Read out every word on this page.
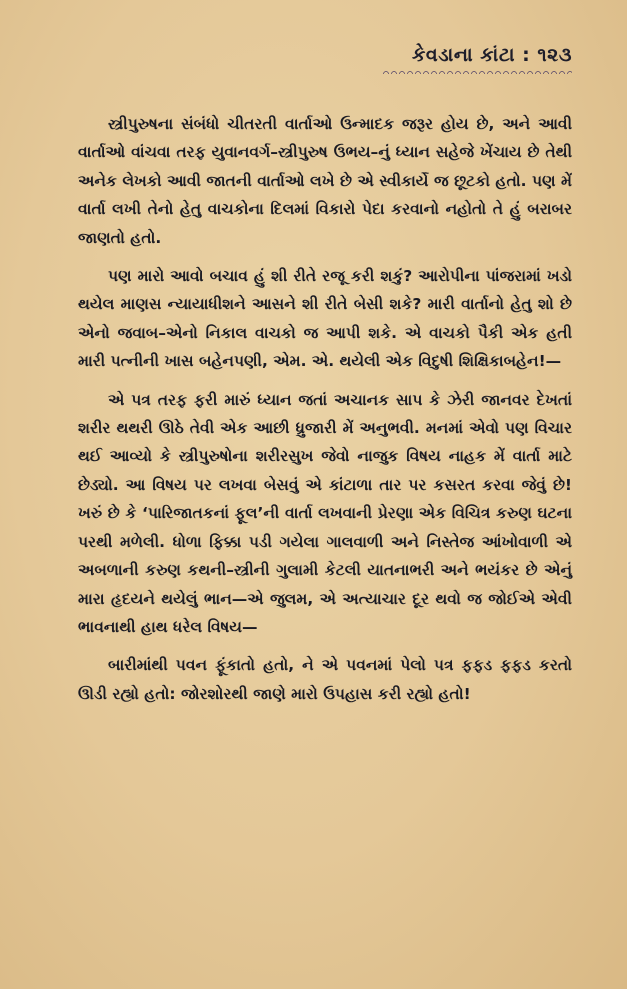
કેવડાના કાંટા : ૧૨૩

સ્ત્રીપુરુષના સંબંધો ચીતરતી વાર્તાઓ ઉન્માદક જરૂર હોય છે, અને આવી વાર્તાઓ વાંચવા તરફ યુવાનવર્ગ–સ્ત્રીપુરુષ ઉભય–નું ધ્યાન સહેજે ખેંચાય છે તેથી અનેક લેખકો આવી જાતની વાર્તાઓ લખે છે એ સ્વીકાર્યે જ છૂટકો હતો. પણ મેં વાર્તા લખી તેનો હેતુ વાચકોના દિલમાં વિકારો પેદા કરવાનો નહોતો તે હું બરાબર જાણતો હતો.

પણ મારો આવો બચાવ હું શી રીતે રજૂ કરી શકું? આરોપીના પાંજરામાં ખડો થયેલ માણસ ન્યાયાધીશને આસને શી રીતે બેસી શકે? મારી વાર્તાનો હેતુ શો છે એનો જવાબ–એનો નિકાલ વાચકો જ આપી શકે. એ વાચકો પૈકી એક હતી મારી પત્નીની ખાસ બહેનપણી, એમ. એ. થયેલી એક વિદુષી શિક્ષિકાબહેન!—

એ પત્ર તરફ ફરી મારું ધ્યાન જતાં અચાનક સાપ કે ઝેરી જાનવર દેખતાં શરીર થથરી ઊઠે તેવી એક આછી ધ્રુજારી મેં અનુભવી. મનમાં એવો પણ વિચાર થઈ આવ્યો કે સ્ત્રીપુરુષોના શરીરસુખ જેવો નાજુક વિષય નાહક મેં વાર્તા માટે છેડ્યો. આ વિષય પર લખવા બેસવું એ કાંટાળા તાર પર કસરત કરવા જેવું છે! ખરું છે કે ‘પારિજાતકનાં ફૂલ’ની વાર્તા લખવાની પ્રેરણા એક વિચિત્ર કરુણ ઘટના પરથી મળેલી. ધોળા ફિક્કા પડી ગયેલા ગાલવાળી અને નિસ્તેજ આંખોવાળી એ અબળાની કરુણ કથની–સ્ત્રીની ગુલામી કેટલી યાતનાભરી અને ભયંકર છે એનું મારા હૃદયને થયેલું ભાન—એ જુલમ, એ અત્યાચાર દૂર થવો જ જોઈએ એવી ભાવનાથી હાથ ધરેલ વિષય—

બારીમાંથી પવન ફૂંકાતો હતો, ને એ પવનમાં પેલો પત્ર ફફડ ફફડ કરતો ઊડી રહ્યો હતો: જોરશોરથી જાણે મારો ઉપહાસ કરી રહ્યો હતો!
